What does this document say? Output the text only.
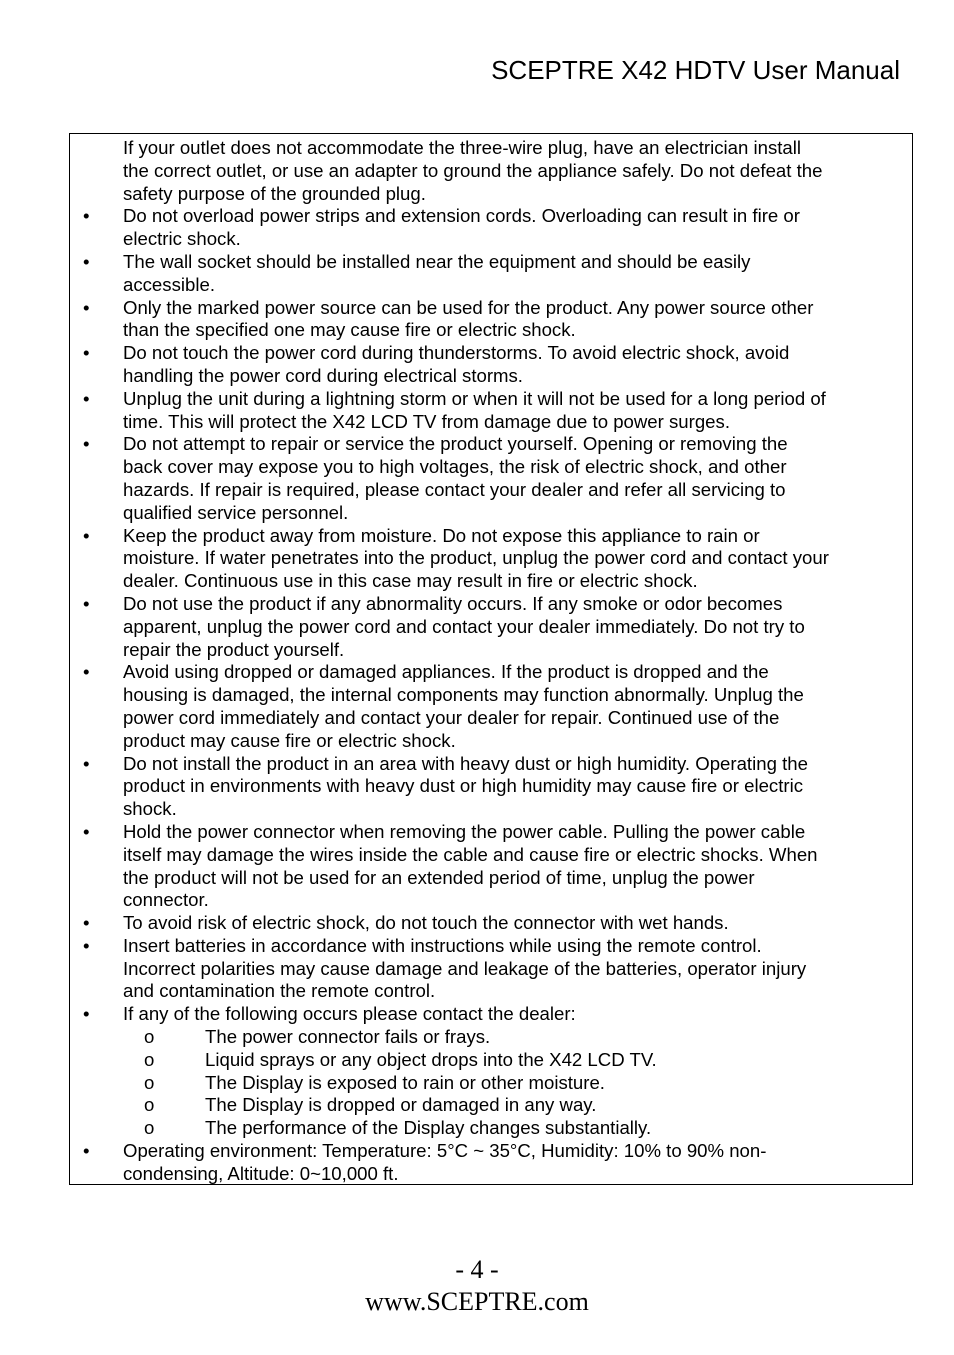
SCEPTRE X42 HDTV User Manual
If your outlet does not accommodate the three-wire plug, have an electrician install
the correct outlet, or use an adapter to ground the appliance safely. Do not defeat the
safety purpose of the grounded plug.
• Do not overload power strips and extension cords. Overloading can result in fire or
electric shock.
• The wall socket should be installed near the equipment and should be easily
accessible.
• Only the marked power source can be used for the product. Any power source other
than the specified one may cause fire or electric shock.
• Do not touch the power cord during thunderstorms. To avoid electric shock, avoid
handling the power cord during electrical storms.
• Unplug the unit during a lightning storm or when it will not be used for a long period of
time. This will protect the X42 LCD TV from damage due to power surges.
• Do not attempt to repair or service the product yourself. Opening or removing the
back cover may expose you to high voltages, the risk of electric shock, and other
hazards. If repair is required, please contact your dealer and refer all servicing to
qualified service personnel.
• Keep the product away from moisture. Do not expose this appliance to rain or
moisture. If water penetrates into the product, unplug the power cord and contact your
dealer. Continuous use in this case may result in fire or electric shock.
• Do not use the product if any abnormality occurs. If any smoke or odor becomes
apparent, unplug the power cord and contact your dealer immediately. Do not try to
repair the product yourself.
• Avoid using dropped or damaged appliances. If the product is dropped and the
housing is damaged, the internal components may function abnormally. Unplug the
power cord immediately and contact your dealer for repair. Continued use of the
product may cause fire or electric shock.
• Do not install the product in an area with heavy dust or high humidity. Operating the
product in environments with heavy dust or high humidity may cause fire or electric
shock.
• Hold the power connector when removing the power cable. Pulling the power cable
itself may damage the wires inside the cable and cause fire or electric shocks. When
the product will not be used for an extended period of time, unplug the power
connector.
• To avoid risk of electric shock, do not touch the connector with wet hands.
• Insert batteries in accordance with instructions while using the remote control.
Incorrect polarities may cause damage and leakage of the batteries, operator injury
and contamination the remote control.
• If any of the following occurs please contact the dealer:
o	The power connector fails or frays.
o	Liquid sprays or any object drops into the X42 LCD TV.
o	The Display is exposed to rain or other moisture.
o	The Display is dropped or damaged in any way.
o	The performance of the Display changes substantially.
• Operating environment: Temperature: 5°C ~ 35°C, Humidity: 10% to 90% non-
condensing, Altitude: 0~10,000 ft.
- 4 -
www.SCEPTRE.com
